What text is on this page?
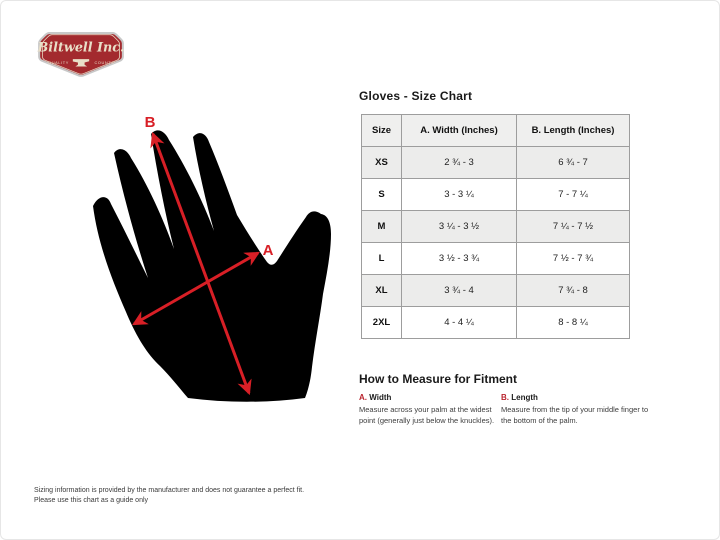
Biltwell Inc.
"QUALITY	COUNTS"
B
A
Gloves - Size Chart
Size	A. Width (Inches)	B. Length (Inches)
XS	2 ¾ - 3	6 ¾ - 7
S	3 - 3 ¼	7 - 7 ¼
M	3 ¼ - 3 ½	7 ¼ - 7 ½
L	3 ½ - 3 ¾	7 ½ - 7 ¾
XL	3 ¾ - 4	7 ¾ - 8
2XL	4 - 4 ¼	8 - 8 ¼
How to Measure for Fitment
A. Width
Measure across your palm at the widest point (generally just below the knuckles).
B. Length
Measure from the tip of your middle finger to the bottom of the palm.
Sizing information is provided by the manufacturer and does not guarantee a perfect fit.
Please use this chart as a guide only
